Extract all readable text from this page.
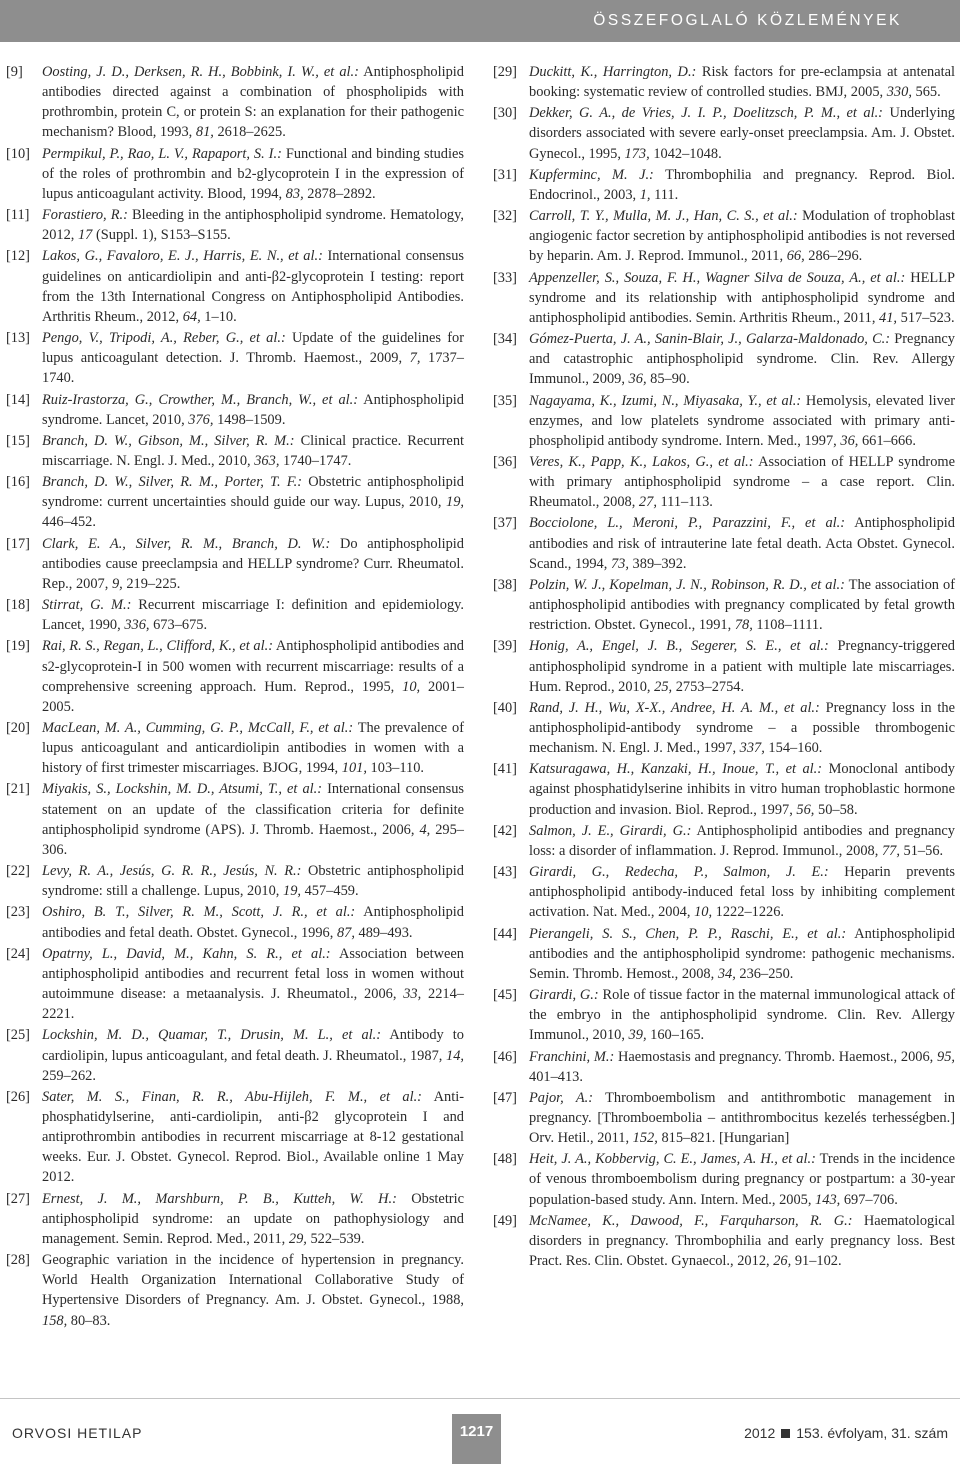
ÖSSZEFOGLALÓ KÖZLEMÉNYEK
[9]	Oosting, J. D., Derksen, R. H., Bobbink, I. W., et al.: Antiphospholipid antibodies directed against a combination of phospholipids with prothrombin, protein C, or protein S: an explanation for their pathogenic mechanism? Blood, 1993, 81, 2618–2625.
[10] Permpikul, P., Rao, L. V., Rapaport, S. I.: Functional and binding studies of the roles of prothrombin and b2-glycoprotein I in the expression of lupus anticoagulant activity. Blood, 1994, 83, 2878–2892.
[11] Forastiero, R.: Bleeding in the antiphospholipid syndrome. Hematology, 2012, 17 (Suppl. 1), S153–S155.
[12] Lakos, G., Favaloro, E. J., Harris, E. N., et al.: International consensus guidelines on anticardiolipin and anti-β2-glycoprotein I testing: report from the 13th International Congress on Antiphospholipid Antibodies. Arthritis Rheum., 2012, 64, 1–10.
[13] Pengo, V., Tripodi, A., Reber, G., et al.: Update of the guidelines for lupus anticoagulant detection. J. Thromb. Haemost., 2009, 7, 1737–1740.
[14] Ruiz-Irastorza, G., Crowther, M., Branch, W., et al.: Antiphospholipid syndrome. Lancet, 2010, 376, 1498–1509.
[15] Branch, D. W., Gibson, M., Silver, R. M.: Clinical practice. Recurrent miscarriage. N. Engl. J. Med., 2010, 363, 1740–1747.
[16] Branch, D. W., Silver, R. M., Porter, T. F.: Obstetric antiphospholipid syndrome: current uncertainties should guide our way. Lupus, 2010, 19, 446–452.
[17] Clark, E. A., Silver, R. M., Branch, D. W.: Do antiphospholipid antibodies cause preeclampsia and HELLP syndrome? Curr. Rheumatol. Rep., 2007, 9, 219–225.
[18] Stirrat, G. M.: Recurrent miscarriage I: definition and epidemiology. Lancet, 1990, 336, 673–675.
[19] Rai, R. S., Regan, L., Clifford, K., et al.: Antiphospholipid antibodies and s2-glycoprotein-I in 500 women with recurrent miscarriage: results of a comprehensive screening approach. Hum. Reprod., 1995, 10, 2001–2005.
[20] MacLean, M. A., Cumming, G. P., McCall, F., et al.: The prevalence of lupus anticoagulant and anticardiolipin antibodies in women with a history of first trimester miscarriages. BJOG, 1994, 101, 103–110.
[21] Miyakis, S., Lockshin, M. D., Atsumi, T., et al.: International consensus statement on an update of the classification criteria for definite antiphospholipid syndrome (APS). J. Thromb. Haemost., 2006, 4, 295–306.
[22] Levy, R. A., Jesús, G. R. R., Jesús, N. R.: Obstetric antiphospholipid syndrome: still a challenge. Lupus, 2010, 19, 457–459.
[23] Oshiro, B. T., Silver, R. M., Scott, J. R., et al.: Antiphospholipid antibodies and fetal death. Obstet. Gynecol., 1996, 87, 489–493.
[24] Opatrny, L., David, M., Kahn, S. R., et al.: Association between antiphospholipid antibodies and recurrent fetal loss in women without autoimmune disease: a metaanalysis. J. Rheumatol., 2006, 33, 2214–2221.
[25] Lockshin, M. D., Quamar, T., Drusin, M. L., et al.: Antibody to cardiolipin, lupus anticoagulant, and fetal death. J. Rheumatol., 1987, 14, 259–262.
[26] Sater, M. S., Finan, R. R., Abu-Hijleh, F. M., et al.: Anti-phosphatidylserine, anti-cardiolipin, anti-β2 glycoprotein I and antiprothrombin antibodies in recurrent miscarriage at 8-12 gestational weeks. Eur. J. Obstet. Gynecol. Reprod. Biol., Available online 1 May 2012.
[27] Ernest, J. M., Marshburn, P. B., Kutteh, W. H.: Obstetric antiphospholipid syndrome: an update on pathophysiology and management. Semin. Reprod. Med., 2011, 29, 522–539.
[28] Geographic variation in the incidence of hypertension in pregnancy. World Health Organization International Collaborative Study of Hypertensive Disorders of Pregnancy. Am. J. Obstet. Gynecol., 1988, 158, 80–83.
[29] Duckitt, K., Harrington, D.: Risk factors for pre-eclampsia at antenatal booking: systematic review of controlled studies. BMJ, 2005, 330, 565.
[30] Dekker, G. A., de Vries, J. I. P., Doelitzsch, P. M., et al.: Underlying disorders associated with severe early-onset preeclampsia. Am. J. Obstet. Gynecol., 1995, 173, 1042–1048.
[31] Kupferminc, M. J.: Thrombophilia and pregnancy. Reprod. Biol. Endocrinol., 2003, 1, 111.
[32] Carroll, T. Y., Mulla, M. J., Han, C. S., et al.: Modulation of trophoblast angiogenic factor secretion by antiphospholipid antibodies is not reversed by heparin. Am. J. Reprod. Immunol., 2011, 66, 286–296.
[33] Appenzeller, S., Souza, F. H., Wagner Silva de Souza, A., et al.: HELLP syndrome and its relationship with antiphospholipid syndrome and antiphospholipid antibodies. Semin. Arthritis Rheum., 2011, 41, 517–523.
[34] Gómez-Puerta, J. A., Sanin-Blair, J., Galarza-Maldonado, C.: Pregnancy and catastrophic antiphospholipid syndrome. Clin. Rev. Allergy Immunol., 2009, 36, 85–90.
[35] Nagayama, K., Izumi, N., Miyasaka, Y., et al.: Hemolysis, elevated liver enzymes, and low platelets syndrome associated with primary anti-phospholipid antibody syndrome. Intern. Med., 1997, 36, 661–666.
[36] Veres, K., Papp, K., Lakos, G., et al.: Association of HELLP syndrome with primary antiphospholipid syndrome – a case report. Clin. Rheumatol., 2008, 27, 111–113.
[37] Bocciolone, L., Meroni, P., Parazzini, F., et al.: Antiphospholipid antibodies and risk of intrauterine late fetal death. Acta Obstet. Gynecol. Scand., 1994, 73, 389–392.
[38] Polzin, W. J., Kopelman, J. N., Robinson, R. D., et al.: The association of antiphospholipid antibodies with pregnancy complicated by fetal growth restriction. Obstet. Gynecol., 1991, 78, 1108–1111.
[39] Honig, A., Engel, J. B., Segerer, S. E., et al.: Pregnancy-triggered antiphospholipid syndrome in a patient with multiple late miscarriages. Hum. Reprod., 2010, 25, 2753–2754.
[40] Rand, J. H., Wu, X-X., Andree, H. A. M., et al.: Pregnancy loss in the antiphospholipid-antibody syndrome – a possible thrombogenic mechanism. N. Engl. J. Med., 1997, 337, 154–160.
[41] Katsuragawa, H., Kanzaki, H., Inoue, T., et al.: Monoclonal antibody against phosphatidylserine inhibits in vitro human trophoblastic hormone production and invasion. Biol. Reprod., 1997, 56, 50–58.
[42] Salmon, J. E., Girardi, G.: Antiphospholipid antibodies and pregnancy loss: a disorder of inflammation. J. Reprod. Immunol., 2008, 77, 51–56.
[43] Girardi, G., Redecha, P., Salmon, J. E.: Heparin prevents antiphospholipid antibody-induced fetal loss by inhibiting complement activation. Nat. Med., 2004, 10, 1222–1226.
[44] Pierangeli, S. S., Chen, P. P., Raschi, E., et al.: Antiphospholipid antibodies and the antiphospholipid syndrome: pathogenic mechanisms. Semin. Thromb. Hemost., 2008, 34, 236–250.
[45] Girardi, G.: Role of tissue factor in the maternal immunological attack of the embryo in the antiphospholipid syndrome. Clin. Rev. Allergy Immunol., 2010, 39, 160–165.
[46] Franchini, M.: Haemostasis and pregnancy. Thromb. Haemost., 2006, 95, 401–413.
[47] Pajor, A.: Thromboembolism and antithrombotic management in pregnancy. [Thromboembolia – antithrombocitus kezelés terhességben.] Orv. Hetil., 2011, 152, 815–821. [Hungarian]
[48] Heit, J. A., Kobbervig, C. E., James, A. H., et al.: Trends in the incidence of venous thromboembolism during pregnancy or postpartum: a 30-year population-based study. Ann. Intern. Med., 2005, 143, 697–706.
[49] McNamee, K., Dawood, F., Farquharson, R. G.: Haematological disorders in pregnancy. Thrombophilia and early pregnancy loss. Best Pract. Res. Clin. Obstet. Gynaecol., 2012, 26, 91–102.
ORVOSI HETILAP	1217	2012 153. évfolyam, 31. szám
